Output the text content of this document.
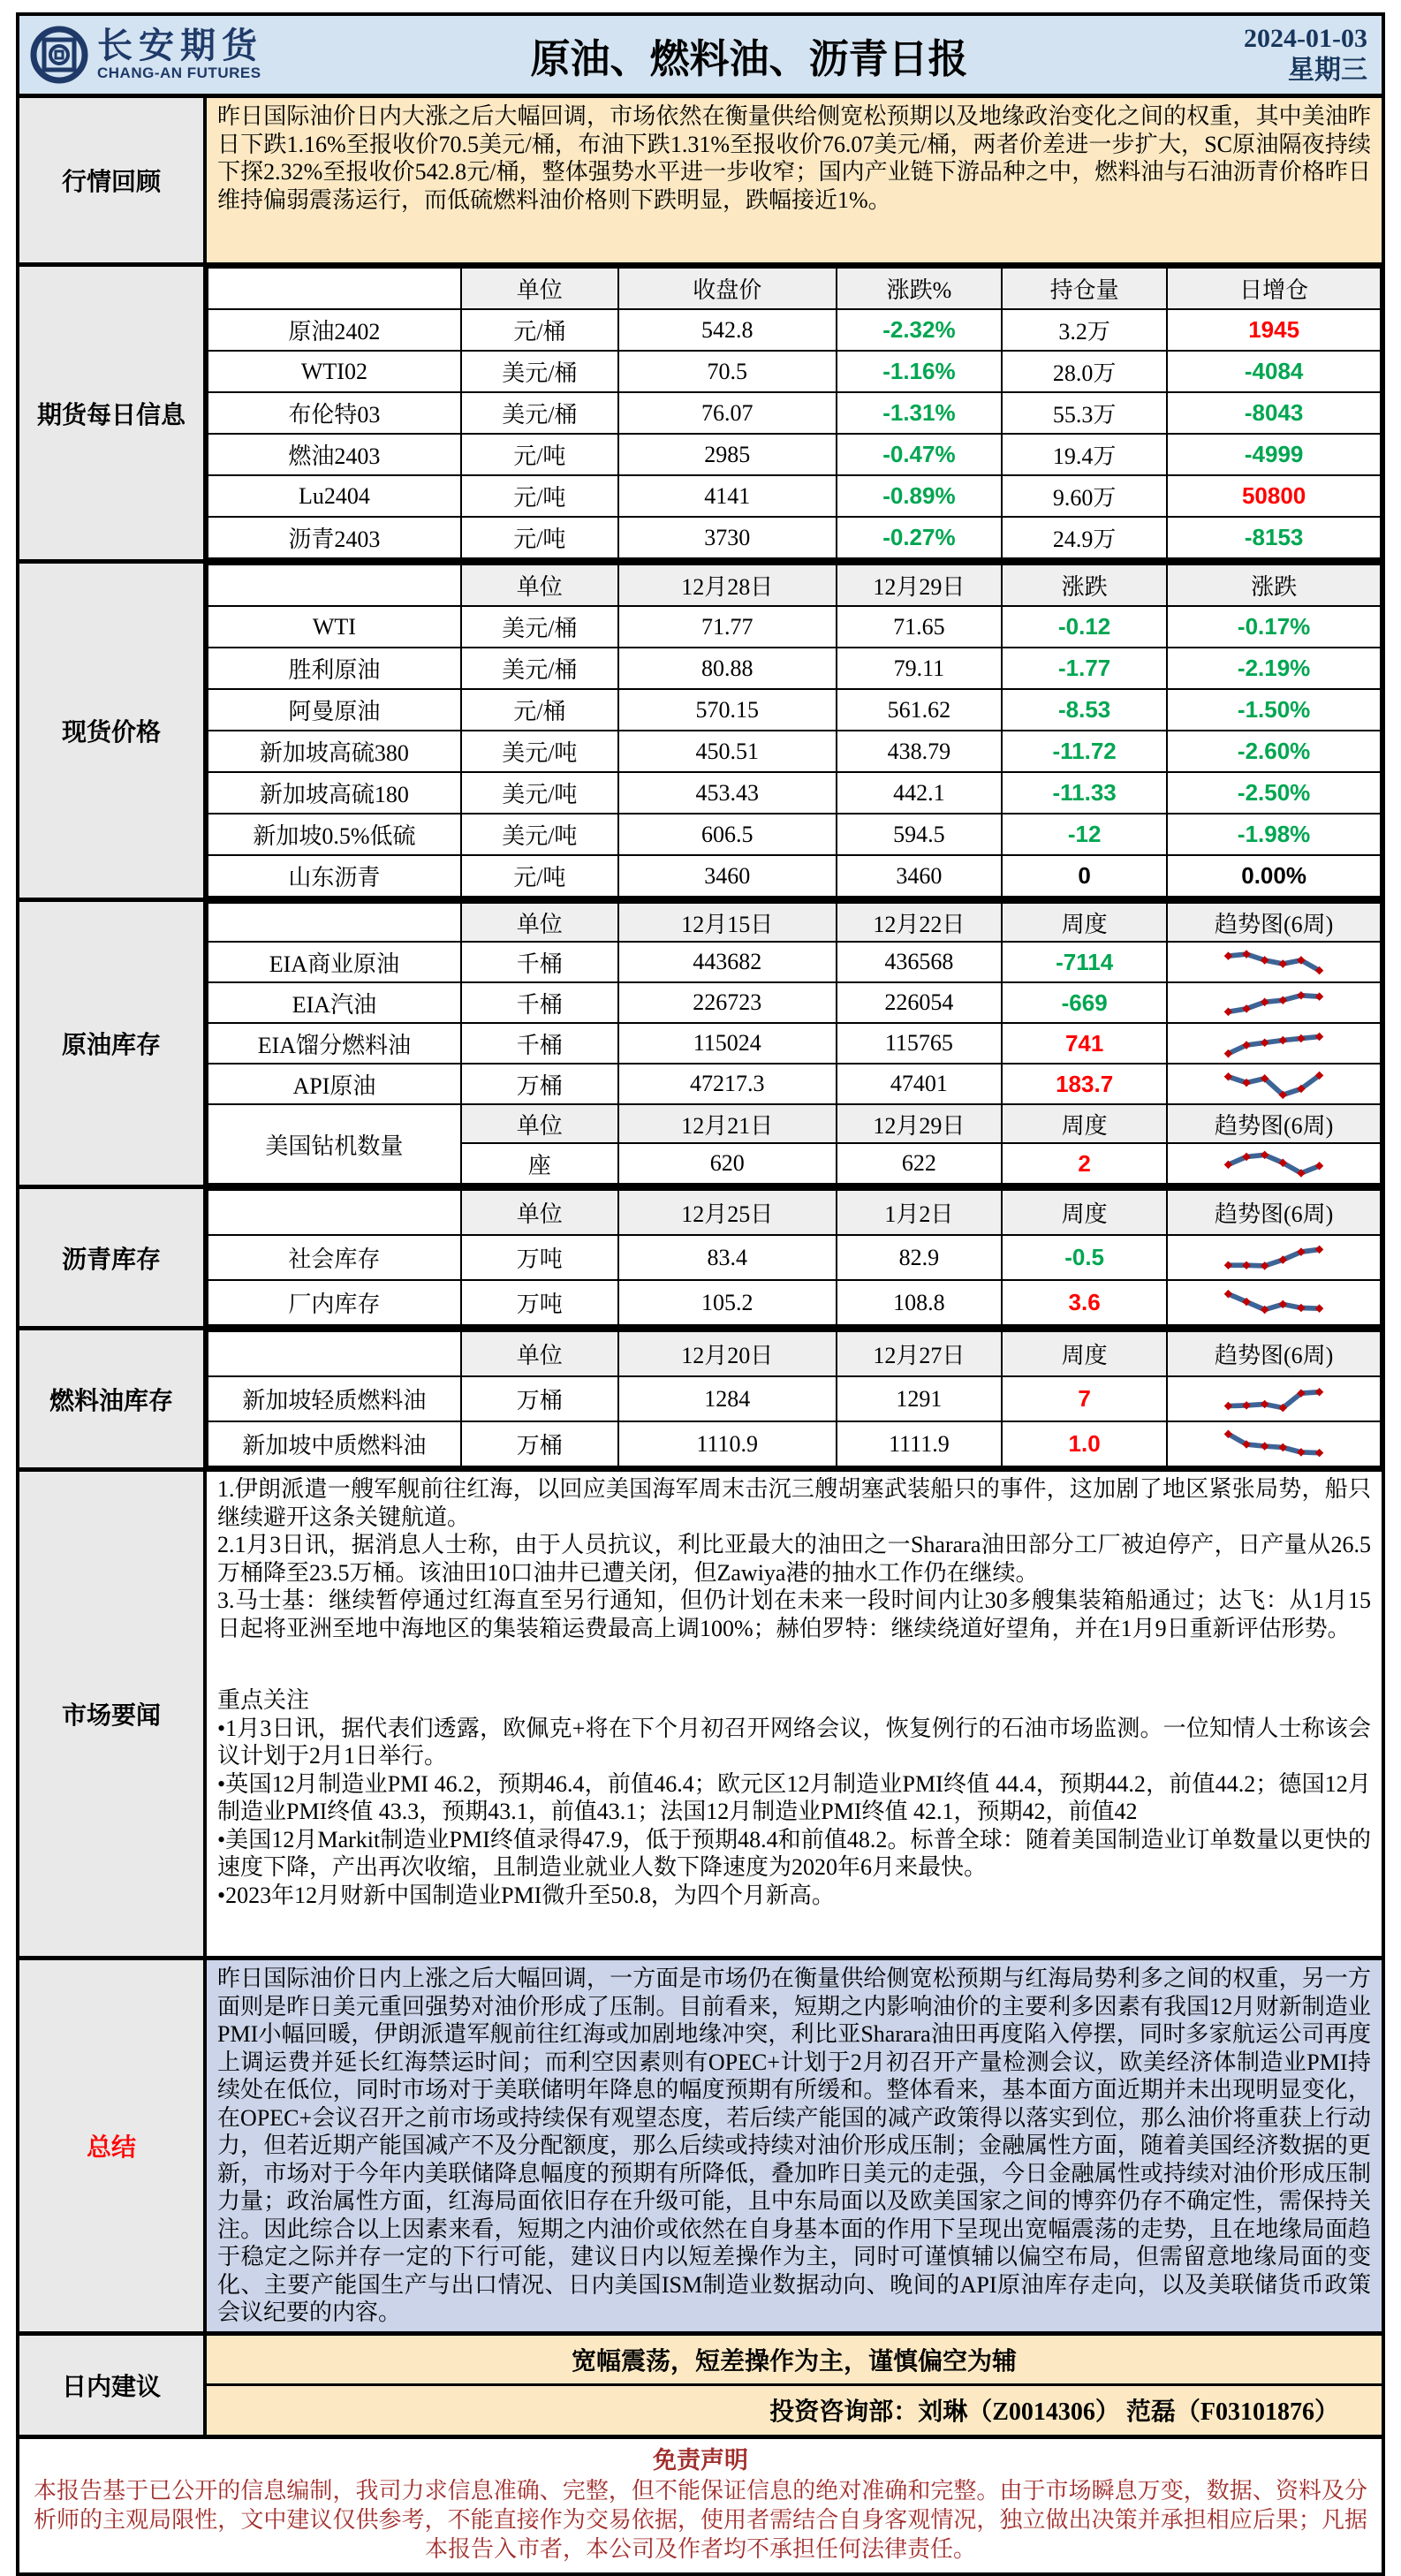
长安期货
CHANG-AN FUTURES	原油、燃料油、沥青日报	2024-01-03
星期三
行情回顾
昨日国际油价日内大涨之后大幅回调，市场依然在衡量供给侧宽松预期以及地缘政治变化之间的权重，其中美油昨日下跌1.16%至报收价70.5美元/桶，布油下跌1.31%至报收价76.07美元/桶，两者价差进一步扩大，SC原油隔夜持续下探2.32%至报收价542.8元/桶，整体强势水平进一步收窄；国内产业链下游品种之中，燃料油与石油沥青价格昨日维持偏弱震荡运行，而低硫燃料油价格则下跌明显，跌幅接近1%。
期货每日信息
	单位	收盘价	涨跌%	持仓量	日增仓
原油2402	元/桶	542.8	-2.32%	3.2万	1945
WTI02	美元/桶	70.5	-1.16%	28.0万	-4084
布伦特03	美元/桶	76.07	-1.31%	55.3万	-8043
燃油2403	元/吨	2985	-0.47%	19.4万	-4999
Lu2404	元/吨	4141	-0.89%	9.60万	50800
沥青2403	元/吨	3730	-0.27%	24.9万	-8153
现货价格
	单位	12月28日	12月29日	涨跌	涨跌
WTI	美元/桶	71.77	71.65	-0.12	-0.17%
胜利原油	美元/桶	80.88	79.11	-1.77	-2.19%
阿曼原油	元/桶	570.15	561.62	-8.53	-1.50%
新加坡高硫380	美元/吨	450.51	438.79	-11.72	-2.60%
新加坡高硫180	美元/吨	453.43	442.1	-11.33	-2.50%
新加坡0.5%低硫	美元/吨	606.5	594.5	-12	-1.98%
山东沥青	元/吨	3460	3460	0	0.00%
原油库存
	单位	12月15日	12月22日	周度	趋势图(6周)
EIA商业原油	千桶	443682	436568	-7114	

EIA汽油	千桶	226723	226054	-669	

EIA馏分燃料油	千桶	115024	115765	741	

API原油	万桶	47217.3	47401	183.7	

美国钻机数量	单位	12月21日	12月29日	周度	趋势图(6周)
	座	620	622	2	
沥青库存
	单位	12月25日	1月2日	周度	趋势图(6周)
社会库存	万吨	83.4	82.9	-0.5	

厂内库存	万吨	105.2	108.8	3.6	
燃料油库存
	单位	12月20日	12月27日	周度	趋势图(6周)
新加坡轻质燃料油	万桶	1284	1291	7	

新加坡中质燃料油	万桶	1110.9	1111.9	1.0	
市场要闻
1.伊朗派遣一艘军舰前往红海，以回应美国海军周末击沉三艘胡塞武装船只的事件，这加剧了地区紧张局势，船只继续避开这条关键航道。
2.1月3日讯，据消息人士称，由于人员抗议，利比亚最大的油田之一Sharara油田部分工厂被迫停产，日产量从26.5万桶降至23.5万桶。该油田10口油井已遭关闭，但Zawiya港的抽水工作仍在继续。
3.马士基：继续暂停通过红海直至另行通知，但仍计划在未来一段时间内让30多艘集装箱船通过；达飞：从1月15日起将亚洲至地中海地区的集装箱运费最高上调100%；赫伯罗特：继续绕道好望角，并在1月9日重新评估形势。
重点关注
•1月3日讯，据代表们透露，欧佩克+将在下个月初召开网络会议，恢复例行的石油市场监测。一位知情人士称该会议计划于2月1日举行。
•英国12月制造业PMI 46.2，预期46.4，前值46.4；欧元区12月制造业PMI终值 44.4，预期44.2，前值44.2；德国12月制造业PMI终值 43.3，预期43.1，前值43.1；法国12月制造业PMI终值 42.1，预期42，前值42
•美国12月Markit制造业PMI终值录得47.9，低于预期48.4和前值48.2。标普全球：随着美国制造业订单数量以更快的速度下降，产出再次收缩，且制造业就业人数下降速度为2020年6月来最快。
•2023年12月财新中国制造业PMI微升至50.8，为四个月新高。
总结
昨日国际油价日内上涨之后大幅回调，一方面是市场仍在衡量供给侧宽松预期与红海局势利多之间的权重，另一方面则是昨日美元重回强势对油价形成了压制。目前看来，短期之内影响油价的主要利多因素有我国12月财新制造业PMI小幅回暖，伊朗派遣军舰前往红海或加剧地缘冲突，利比亚Sharara油田再度陷入停摆，同时多家航运公司再度上调运费并延长红海禁运时间；而利空因素则有OPEC+计划于2月初召开产量检测会议，欧美经济体制造业PMI持续处在低位，同时市场对于美联储明年降息的幅度预期有所缓和。整体看来，基本面方面近期并未出现明显变化，在OPEC+会议召开之前市场或持续保有观望态度，若后续产能国的减产政策得以落实到位，那么油价将重获上行动力，但若近期产能国减产不及分配额度，那么后续或持续对油价形成压制；金融属性方面，随着美国经济数据的更新，市场对于今年内美联储降息幅度的预期有所降低，叠加昨日美元的走强，今日金融属性或持续对油价形成压制力量；政治属性方面，红海局面依旧存在升级可能，且中东局面以及欧美国家之间的博弈仍存不确定性，需保持关注。因此综合以上因素来看，短期之内油价或依然在自身基本面的作用下呈现出宽幅震荡的走势，且在地缘局面趋于稳定之际并存一定的下行可能，建议日内以短差操作为主，同时可谨慎辅以偏空布局，但需留意地缘局面的变化、主要产能国生产与出口情况、日内美国ISM制造业数据动向、晚间的API原油库存走向，以及美联储货币政策会议纪要的内容。
日内建议
宽幅震荡，短差操作为主，谨慎偏空为辅
投资咨询部：刘琳（Z0014306） 范磊（F03101876）
免责声明
本报告基于已公开的信息编制，我司力求信息准确、完整，但不能保证信息的绝对准确和完整。由于市场瞬息万变，数据、资料及分析师的主观局限性，文中建议仅供参考，不能直接作为交易依据，使用者需结合自身客观情况，独立做出决策并承担相应后果；凡据本报告入市者，本公司及作者均不承担任何法律责任。
